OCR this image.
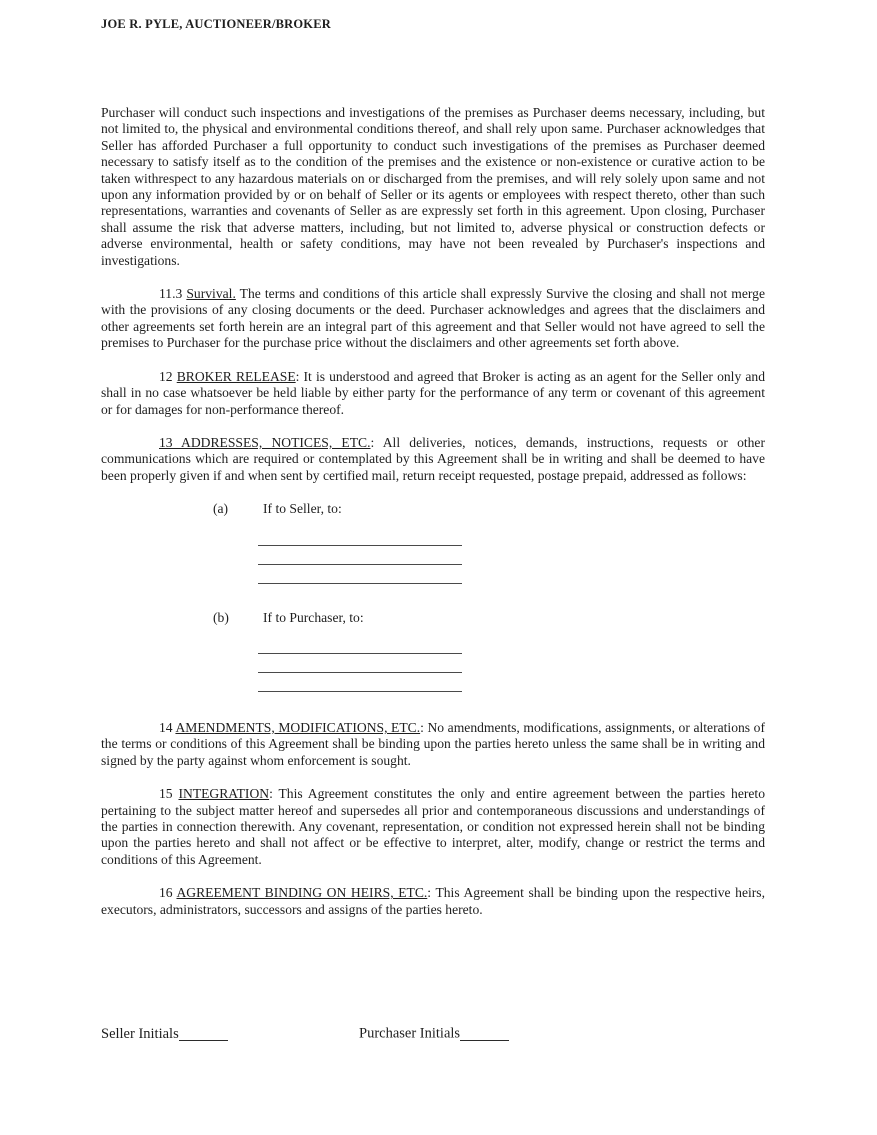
JOE R. PYLE, AUCTIONEER/BROKER

Purchaser will conduct such inspections and investigations of the premises as Purchaser deems necessary, including, but not limited to, the physical and environmental conditions thereof, and shall rely upon same. Purchaser acknowledges that Seller has afforded Purchaser a full opportunity to conduct such investigations of the premises as Purchaser deemed necessary to satisfy itself as to the condition of the premises and the existence or non-existence or curative action to be taken withrespect to any hazardous materials on or discharged from the premises, and will rely solely upon same and not upon any information provided by or on behalf of Seller or its agents or employees with respect thereto, other than such representations, warranties and covenants of Seller as are expressly set forth in this agreement. Upon closing, Purchaser shall assume the risk that adverse matters, including, but not limited to, adverse physical or construction defects or adverse environmental, health or safety conditions, may have not been revealed by Purchaser's inspections and investigations.

11.3 Survival. The terms and conditions of this article shall expressly Survive the closing and shall not merge with the provisions of any closing documents or the deed. Purchaser acknowledges and agrees that the disclaimers and other agreements set forth herein are an integral part of this agreement and that Seller would not have agreed to sell the premises to Purchaser for the purchase price without the disclaimers and other agreements set forth above.

12 BROKER RELEASE: It is understood and agreed that Broker is acting as an agent for the Seller only and shall in no case whatsoever be held liable by either party for the performance of any term or covenant of this agreement or for damages for non-performance thereof.

13 ADDRESSES, NOTICES, ETC.: All deliveries, notices, demands, instructions, requests or other communications which are required or contemplated by this Agreement shall be in writing and shall be deemed to have been properly given if and when sent by certified mail, return receipt requested, postage prepaid, addressed as follows:

(a)	If to Seller, to:
(b)	If to Purchaser, to:

14 AMENDMENTS, MODIFICATIONS, ETC.: No amendments, modifications, assignments, or alterations of the terms or conditions of this Agreement shall be binding upon the parties hereto unless the same shall be in writing and signed by the party against whom enforcement is sought.

15 INTEGRATION: This Agreement constitutes the only and entire agreement between the parties hereto pertaining to the subject matter hereof and supersedes all prior and contemporaneous discussions and understandings of the parties in connection therewith. Any covenant, representation, or condition not expressed herein shall not be binding upon the parties hereto and shall not affect or be effective to interpret, alter, modify, change or restrict the terms and conditions of this Agreement.

16 AGREEMENT BINDING ON HEIRS, ETC.: This Agreement shall be binding upon the respective heirs, executors, administrators, successors and assigns of the parties hereto.

Seller Initials	Purchaser Initials
